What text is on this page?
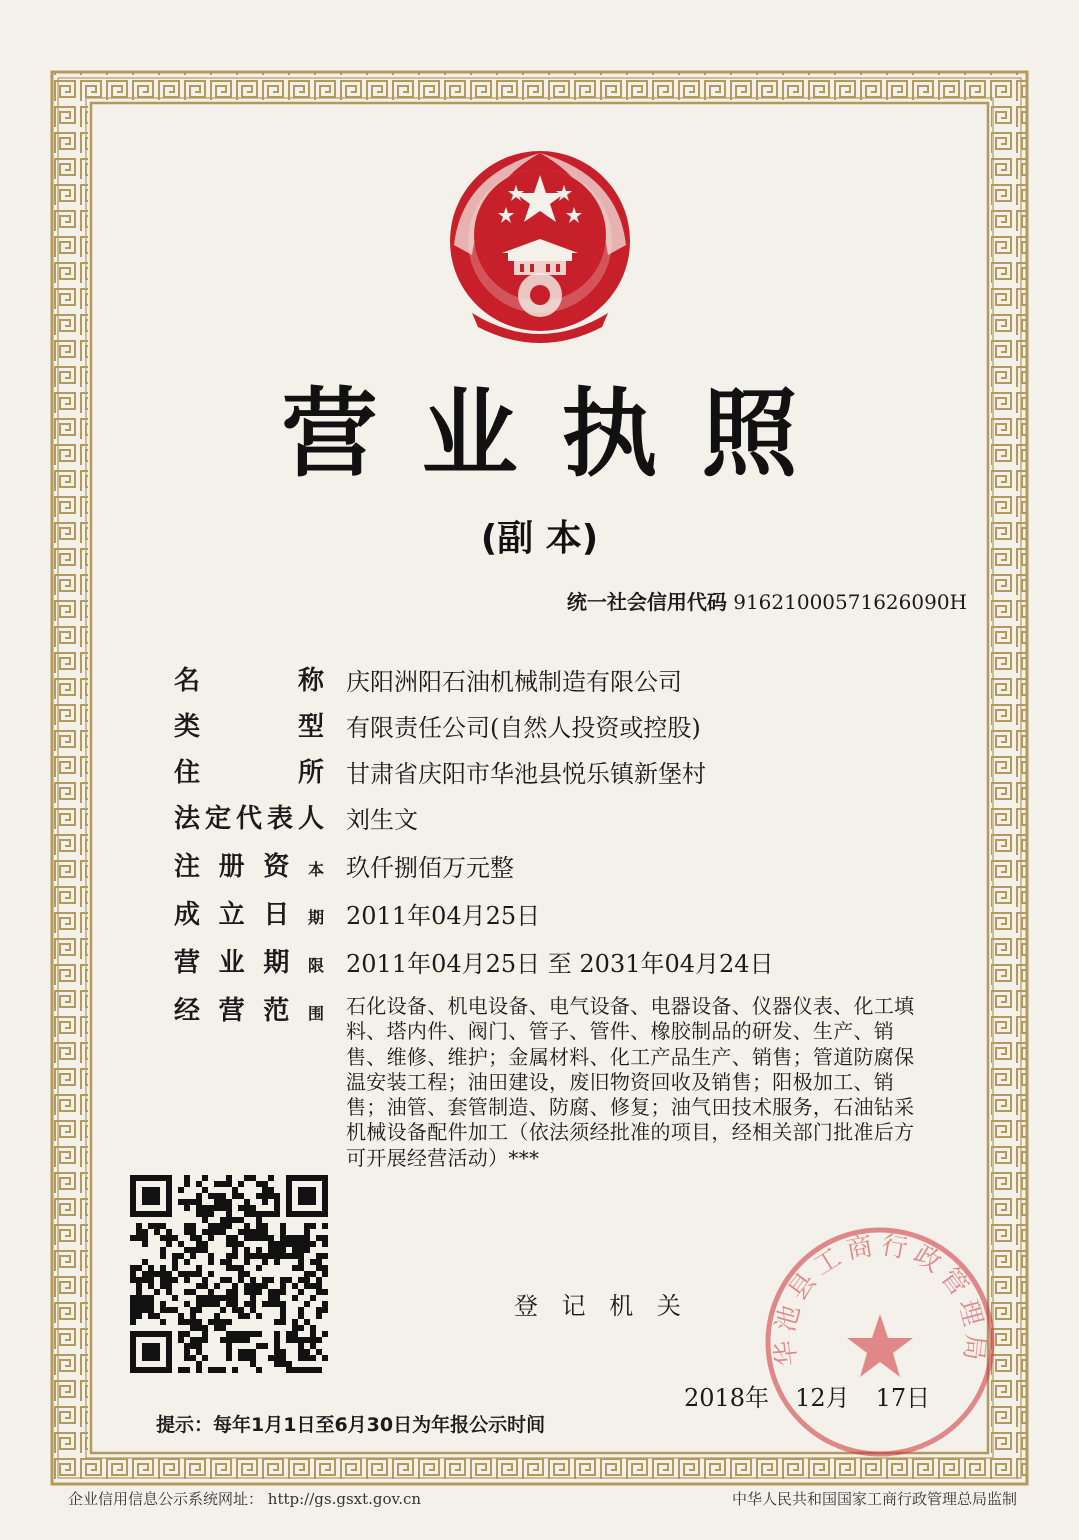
营业执照
(副 本)
统一社会信用代码 91621000571626090H
名	称 庆阳洲阳石油机械制造有限公司
类	型 有限责任公司(自然人投资或控股)
住	所 甘肃省庆阳市华池县悦乐镇新堡村
法 定 代 表 人 刘生文
注 册 资 本 玖仟捌佰万元整
成 立 日 期 2011年04月25日
营 业 期 限 2011年04月25日 至 2031年04月24日
经 营 范 围 石化设备、机电设备、电气设备、电器设备、仪器仪表、化工填料、塔内件、阀门、管子、管件、橡胶制品的研发、生产、销售、维修、维护；金属材料、化工产品生产、销售；管道防腐保温安装工程；油田建设，废旧物资回收及销售；阳极加工、销售；油管、套管制造、防腐、修复；油气田技术服务，石油钻采机械设备配件加工（依法须经批准的项目，经相关部门批准后方可开展经营活动）***
登 记 机 关
华池县工商行政管理局
2018年 12月 17日
提示：每年1月1日至6月30日为年报公示时间
企业信用信息公示系统网址： http://gs.gsxt.gov.cn	中华人民共和国国家工商行政管理总局监制
